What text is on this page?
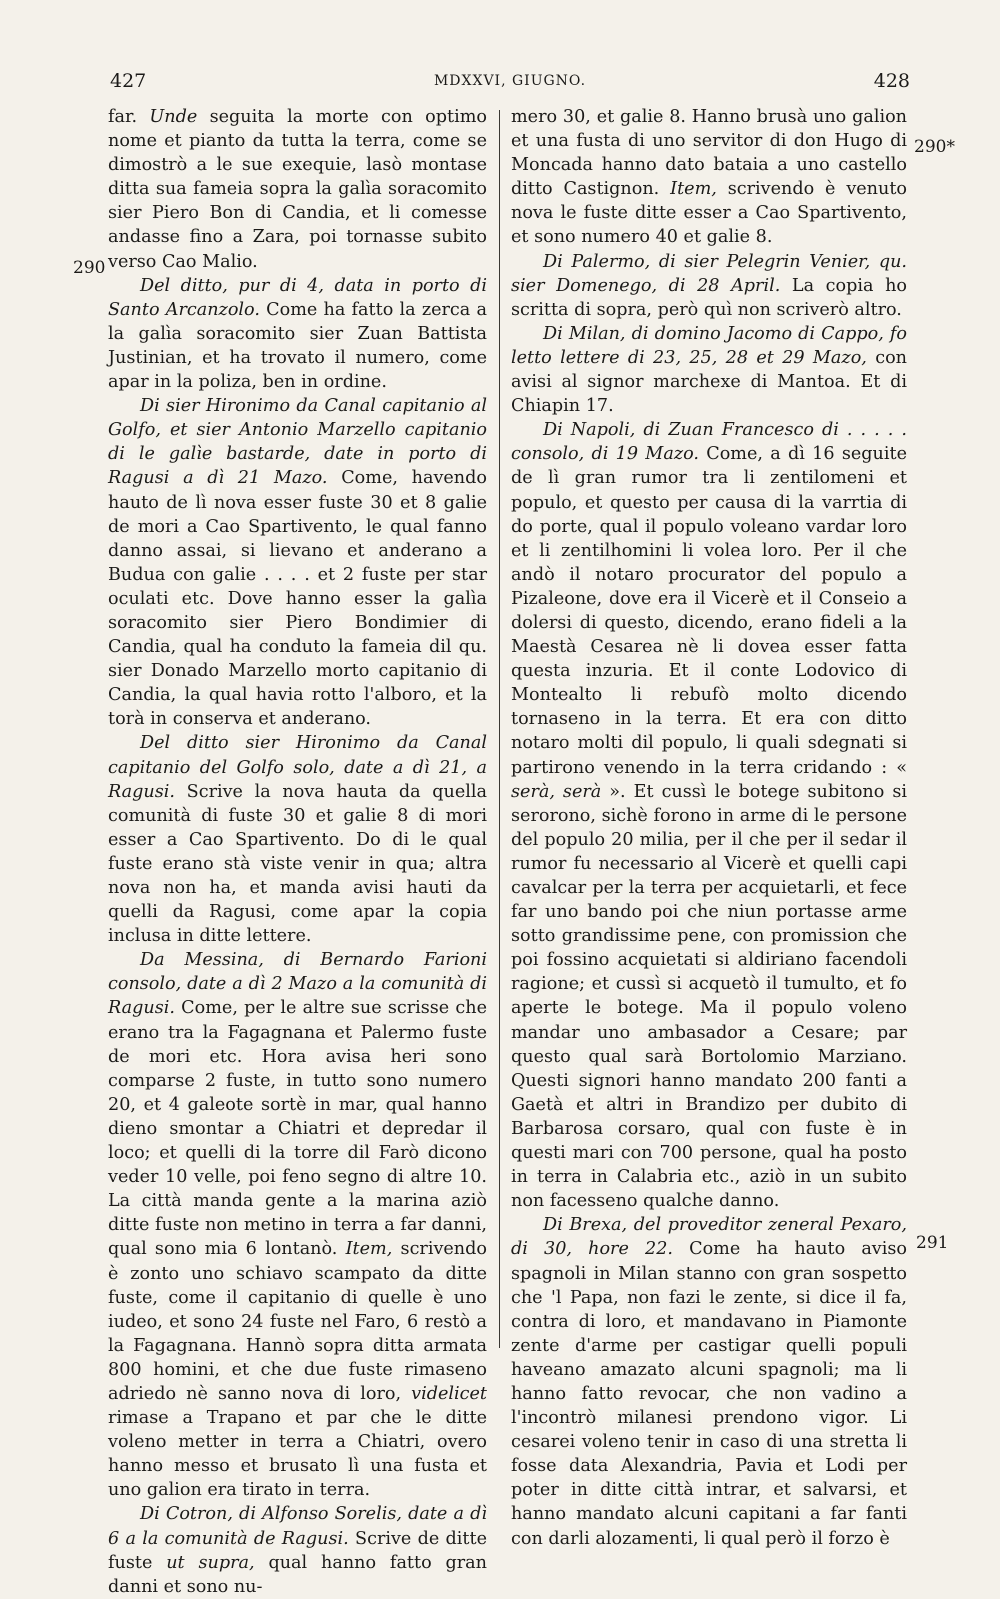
427	MDXXVI, GIUGNO.	428
290
290*
291

far. Unde seguita la morte con optimo nome et pianto da tutta la terra, come se dimostrò a le sue exequie, lasò montase ditta sua fameia sopra la galìa soracomito sier Piero Bon di Candia, et li comesse andasse fino a Zara, poi tornasse subito verso Cao Malio.

Del ditto, pur di 4, data in porto di Santo Arcanzolo. Come ha fatto la zerca a la galìa soracomito sier Zuan Battista Justinian, et ha trovato il numero, come apar in la poliza, ben in ordine.

Di sier Hironimo da Canal capitanio al Golfo, et sier Antonio Marzello capitanio di le galìe bastarde, date in porto di Ragusi a dì 21 Mazo. Come, havendo hauto de lì nova esser fuste 30 et 8 galie de mori a Cao Spartivento, le qual fanno danno assai, si lievano et anderano a Budua con galie . . . . et 2 fuste per star oculati etc. Dove hanno esser la galìa soracomito sier Piero Bondimier di Candia, qual ha conduto la fameia dil qu. sier Donado Marzello morto capitanio di Candia, la qual havia rotto l'alboro, et la torà in conserva et anderano.

Del ditto sier Hironimo da Canal capitanio del Golfo solo, date a dì 21, a Ragusi. Scrive la nova hauta da quella comunità di fuste 30 et galie 8 di mori esser a Cao Spartivento. Do di le qual fuste erano stà viste venir in qua; altra nova non ha, et manda avisi hauti da quelli da Ragusi, come apar la copia inclusa in ditte lettere.

Da Messina, di Bernardo Farioni consolo, date a dì 2 Mazo a la comunità di Ragusi. Come, per le altre sue scrisse che erano tra la Fagagnana et Palermo fuste de mori etc. Hora avisa heri sono comparse 2 fuste, in tutto sono numero 20, et 4 galeote sortè in mar, qual hanno dieno smontar a Chiatri et depredar il loco; et quelli di la torre dil Farò dicono veder 10 velle, poi feno segno di altre 10. La città manda gente a la marina aziò ditte fuste non metino in terra a far danni, qual sono mia 6 lontanò. Item, scrivendo è zonto uno schiavo scampato da ditte fuste, come il capitanio di quelle è uno iudeo, et sono 24 fuste nel Faro, 6 restò a la Fagagnana. Hannò sopra ditta armata 800 homini, et che due fuste rimaseno adriedo nè sanno nova di loro, videlicet rimase a Trapano et par che le ditte voleno metter in terra a Chiatri, overo hanno messo et brusato lì una fusta et uno galion era tirato in terra.

Di Cotron, di Alfonso Sorelis, date a dì 6 a la comunità de Ragusi. Scrive de ditte fuste ut supra, qual hanno fatto gran danni et sono nu-

mero 30, et galie 8. Hanno brusà uno galion et una fusta di uno servitor di don Hugo di Moncada hanno dato bataia a uno castello ditto Castignon. Item, scrivendo è venuto nova le fuste ditte esser a Cao Spartivento, et sono numero 40 et galie 8.

Di Palermo, di sier Pelegrin Venier, qu. sier Domenego, di 28 April. La copia ho scritta di sopra, però quì non scriverò altro.

Di Milan, di domino Jacomo di Cappo, fo letto lettere di 23, 25, 28 et 29 Mazo, con avisi al signor marchexe di Mantoa. Et di Chiapin 17.

Di Napoli, di Zuan Francesco di . . . . . consolo, di 19 Mazo. Come, a dì 16 seguite de lì gran rumor tra li zentilomeni et populo, et questo per causa di la varrtia di do porte, qual il populo voleano vardar loro et li zentilhomini li volea loro. Per il che andò il notaro procurator del populo a Pizaleone, dove era il Vicerè et il Conseio a dolersi di questo, dicendo, erano fideli a la Maestà Cesarea nè li dovea esser fatta questa inzuria. Et il conte Lodovico di Montealto li rebufò molto dicendo tornaseno in la terra. Et era con ditto notaro molti dil populo, li quali sdegnati si partirono venendo in la terra cridando : « serà, serà ». Et cussì le botege subitono si serorono, sichè forono in arme di le persone del populo 20 milia, per il che per il sedar il rumor fu necessario al Vicerè et quelli capi cavalcar per la terra per acquietarli, et fece far uno bando poi che niun portasse arme sotto grandissime pene, con promission che poi fossino acquietati si aldiriano facendoli ragione; et cussì si acquetò il tumulto, et fo aperte le botege. Ma il populo voleno mandar uno ambasador a Cesare; par questo qual sarà Bortolomio Marziano. Questi signori hanno mandato 200 fanti a Gaetà et altri in Brandizo per dubito di Barbarosa corsaro, qual con fuste è in questi mari con 700 persone, qual ha posto in terra in Calabria etc., aziò in un subito non facesseno qualche danno.

Di Brexa, del proveditor zeneral Pexaro, di 30, hore 22. Come ha hauto aviso spagnoli in Milan stanno con gran sospetto che 'l Papa, non fazi le zente, si dice il fa, contra di loro, et mandavano in Piamonte zente d'arme per castigar quelli populi haveano amazato alcuni spagnoli; ma li hanno fatto revocar, che non vadino a l'incontrò milanesi prendono vigor. Li cesarei voleno tenir in caso di una stretta li fosse data Alexandria, Pavia et Lodi per poter in ditte città intrar, et salvarsi, et hanno mandato alcuni capitani a far fanti con darli alozamenti, li qual però il forzo è
